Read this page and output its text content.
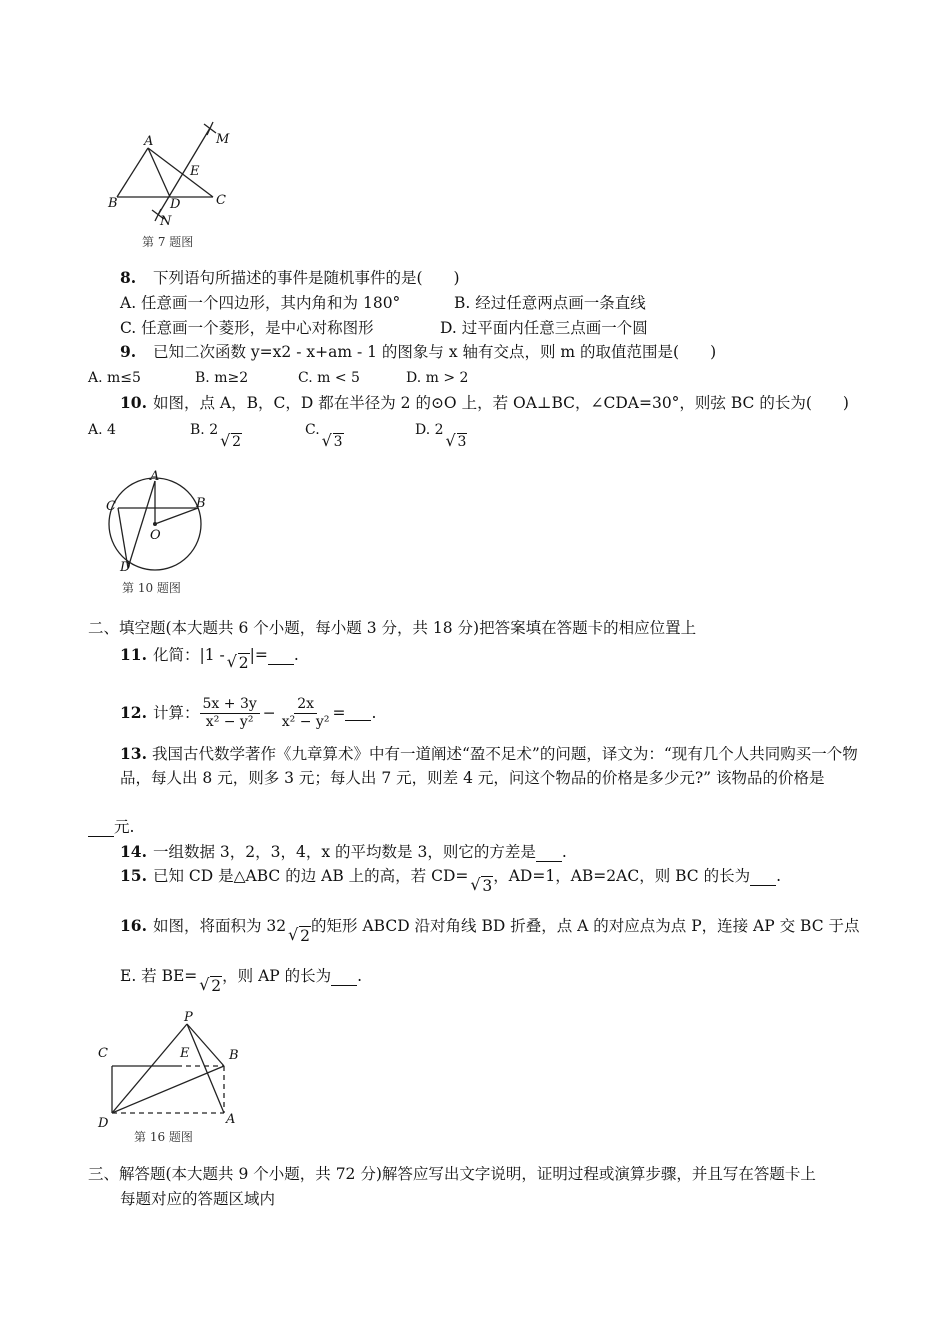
A
B	C
D
E
M
N
第 7 题图
8. 下列语句所描述的事件是随机事件的是(　　)
A. 任意画一个四边形，其内角和为 180°	B. 经过任意两点画一条直线
C. 任意画一个菱形，是中心对称图形	D. 过平面内任意三点画一个圆
9. 已知二次函数 y=x2 - x+am - 1 的图象与 x 轴有交点，则 m 的取值范围是(　　)
A. m≤5	B. m≥2	C. m < 5	D. m > 2
10. 如图，点 A，B，C，D 都在半径为 2 的⊙O 上，若 OA⊥BC，∠CDA=30°，则弦 BC 的长为(　　)
A. 4	B. 2
√ 2
C.
√ 3
D. 2
√ 3
A
B
C
D
O
第 10 题图
二、填空题(本大题共 6 个小题，每小题 3 分，共 18 分)把答案填在答题卡的相应位置上
11. 化简：|1 - √ 2|= .
12. 计算： $\frac{5x + 3y}{\text{x² − y²}} - \frac{2x}{\text{x² − y²}}$ = .
13. 我国古代数学著作《九章算术》中有一道阐述“盈不足术”的问题，译文为：“现有几个人共同购买一个物品，每人出 8 元，则多 3 元；每人出 7 元，则差 4 元，问这个物品的价格是多少元?” 该物品的价格是
元.
14. 一组数据 3，2，3，4，x 的平均数是 3，则它的方差是 .
15. 已知 CD 是△ABC 的边 AB 上的高，若 CD= √ 3，AD=1，AB=2AC，则 BC 的长为 .
16. 如图，将面积为 32 √ 2的矩形 ABCD 沿对角线 BD 折叠，点 A 的对应点为点 P，连接 AP 交 BC 于点
E. 若 BE= √ 2，则 AP 的长为 .
P
C	E	B
D	A
第 16 题图
三、解答题(本大题共 9 个小题，共 72 分)解答应写出文字说明，证明过程或演算步骤，并且写在答题卡上
每题对应的答题区域内
